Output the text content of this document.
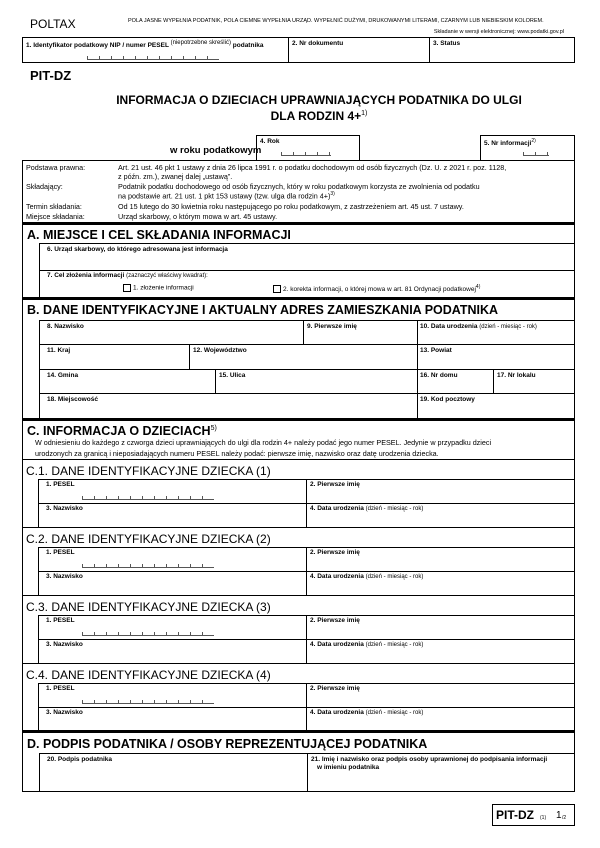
POLTAX	POLA JASNE WYPEŁNIA PODATNIK, POLA CIEMNE WYPEŁNIA URZĄD. WYPEŁNIĆ DUŻYMI, DRUKOWANYMI LITERAMI, CZARNYM LUB NIEBIESKIM KOLOREM.
Składanie w wersji elektronicznej: www.podatki.gov.pl
1. Identyfikator podatkowy NIP / numer PESEL $^{(niepotrzebne skreślić)}$ podatnika	2. Nr dokumentu	3. Status
PIT-DZ
INFORMACJA O DZIECIACH UPRAWNIAJĄCYCH PODATNIKA DO ULGI
DLA RODZIN 4+$^{1)}$
w roku podatkowym
4. Rok	5. Nr informacji$^{2)}$
Podstawa prawna:	Art. 21 ust. 46 pkt 1 ustawy z dnia 26 lipca 1991 r. o podatku dochodowym od osób fizycznych (Dz. U. z 2021 r. poz. 1128,
z późn. zm.), zwanej dalej „ustawą”.
Składający:	Podatnik podatku dochodowego od osób fizycznych, który w roku podatkowym korzysta ze zwolnienia od podatku
na podstawie art. 21 ust. 1 pkt 153 ustawy (tzw. ulga dla rodzin 4+)$^{3)}$
Termin składania:	Od 15 lutego do 30 kwietnia roku następującego po roku podatkowym, z zastrzeżeniem art. 45 ust. 7 ustawy.
Miejsce składania:	Urząd skarbowy, o którym mowa w art. 45 ustawy.
A. MIEJSCE I CEL SKŁADANIA INFORMACJI
6. Urząd skarbowy, do którego adresowana jest informacja
7. Cel złożenia informacji (zaznaczyć właściwy kwadrat):
1. złożenie informacji	2. korekta informacji, o której mowa w art. 81 Ordynacji podatkowej$^{4)}$
B. DANE IDENTYFIKACYJNE I AKTUALNY ADRES ZAMIESZKANIA PODATNIKA
8. Nazwisko	9. Pierwsze imię	10. Data urodzenia (dzień - miesiąc - rok)
11. Kraj	12. Województwo	13. Powiat
14. Gmina	15. Ulica	16. Nr domu	17. Nr lokalu
18. Miejscowość	19. Kod pocztowy
C. INFORMACJA O DZIECIACH$^{5)}$
W odniesieniu do każdego z czworga dzieci uprawniających do ulgi dla rodzin 4+ należy podać jego numer PESEL. Jedynie w przypadku dzieci
urodzonych za granicą i nieposiadających numeru PESEL należy podać: pierwsze imię, nazwisko oraz datę urodzenia dziecka.
C.1. DANE IDENTYFIKACYJNE DZIECKA (1)
1. PESEL	2. Pierwsze imię
3. Nazwisko	4. Data urodzenia (dzień - miesiąc - rok)
C.2. DANE IDENTYFIKACYJNE DZIECKA (2)
1. PESEL	2. Pierwsze imię
3. Nazwisko	4. Data urodzenia (dzień - miesiąc - rok)
C.3. DANE IDENTYFIKACYJNE DZIECKA (3)
1. PESEL	2. Pierwsze imię
3. Nazwisko	4. Data urodzenia (dzień - miesiąc - rok)
C.4. DANE IDENTYFIKACYJNE DZIECKA (4)
1. PESEL	2. Pierwsze imię
3. Nazwisko	4. Data urodzenia (dzień - miesiąc - rok)
D. PODPIS PODATNIKA / OSOBY REPREZENTUJĄCEJ PODATNIKA
20. Podpis podatnika	21. Imię i nazwisko oraz podpis osoby uprawnionej do podpisania informacji
w imieniu podatnika
PIT-DZ (1) 1 /2
